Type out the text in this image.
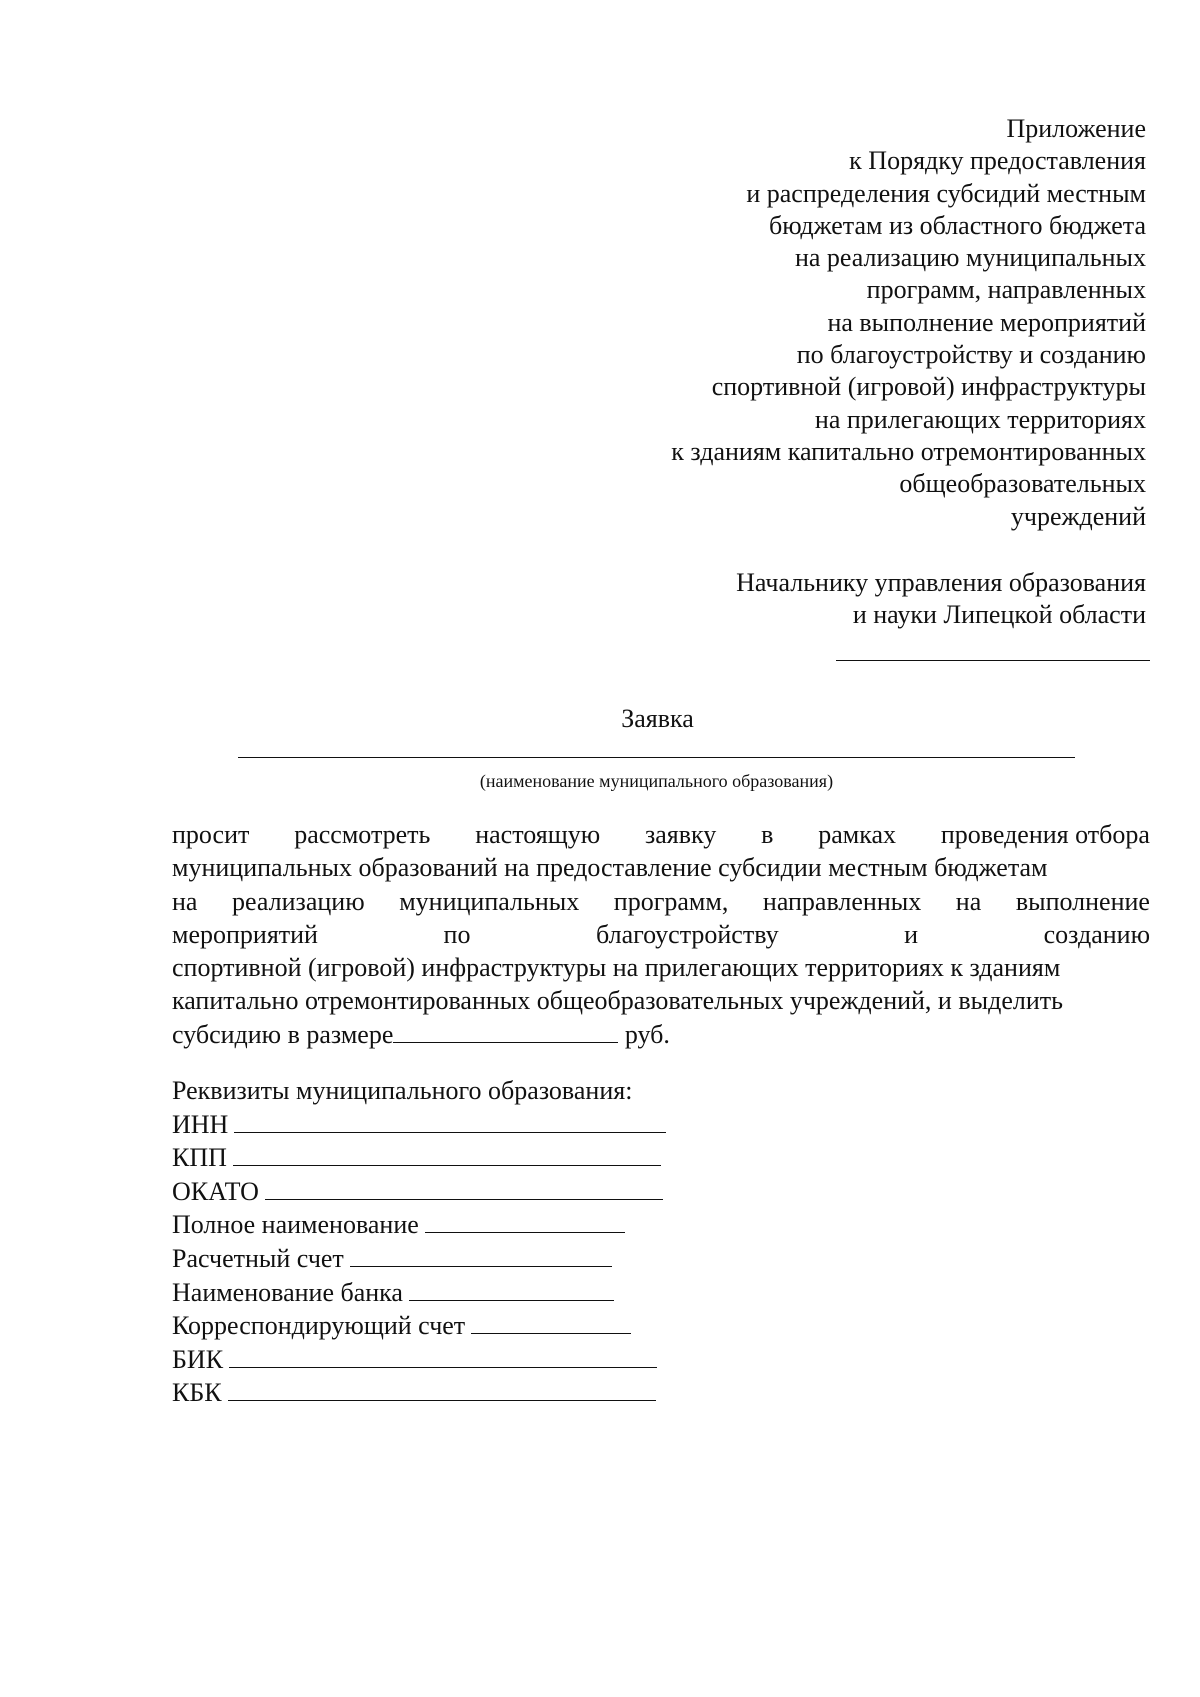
Приложение
к Порядку предоставления
и распределения субсидий местным
бюджетам из областного бюджета
на реализацию муниципальных
программ, направленных
на выполнение мероприятий
по благоустройству и созданию
спортивной (игровой) инфраструктуры
на прилегающих территориях
к зданиям капитально отремонтированных
общеобразовательных
учреждений
Начальнику управления образования
и науки Липецкой области
Заявка
(наименование муниципального образования)
просит рассмотреть настоящую заявку в рамках проведения отбора
муниципальных образований на предоставление субсидии местным бюджетам
на реализацию муниципальных программ, направленных на выполнение
мероприятий	по	благоустройству	и	созданию
спортивной (игровой) инфраструктуры на прилегающих территориях к зданиям
капитально отремонтированных общеобразовательных учреждений, и выделить
субсидию в размере	руб.
Реквизиты муниципального образования:
ИНН
КПП
ОКАТО
Полное наименование
Расчетный счет
Наименование банка
Корреспондирующий счет
БИК
КБК
